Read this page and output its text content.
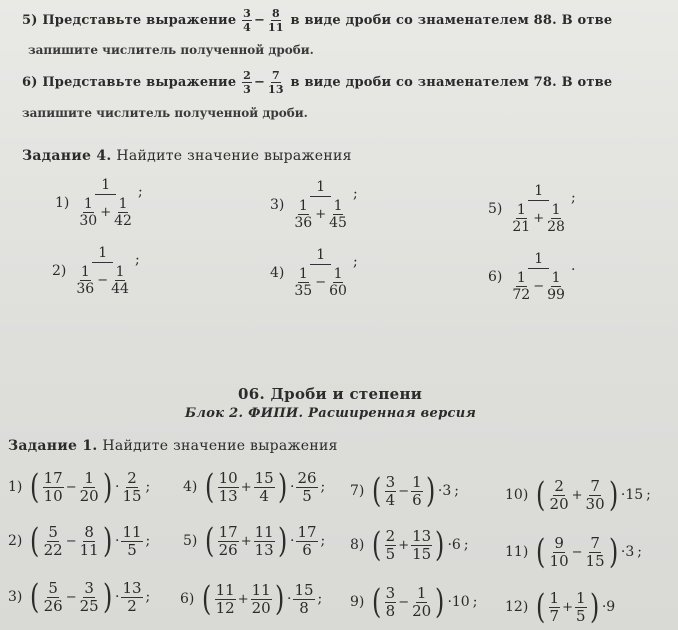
5) Представьте выражение $\frac{3}{4} - \frac{8}{11}$ в виде дроби со знаменателем 88. В отве
запишите числитель полученной дроби.
6) Представьте выражение $\frac{2}{3} - \frac{7}{13}$ в виде дроби со знаменателем 78. В отве
запишите числитель полученной дроби.
Задание 4. Найдите значение выражения
$1) \frac{1}{\frac{1}{30} + \frac{1}{42}}$ ;
$2) \frac{1}{\frac{1}{36} - \frac{1}{44}}$ ;
$3) \frac{1}{\frac{1}{36} + \frac{1}{45}}$ ;
$4) \frac{1}{\frac{1}{35} - \frac{1}{60}}$ ;
$5) \frac{1}{\frac{1}{21} + \frac{1}{28}}$ ;
$6) \frac{1}{\frac{1}{72} - \frac{1}{99}}$ .
06. Дроби и степени
Блок 2. ФИПИ. Расширенная версия
Задание 1. Найдите значение выражения
1) ( $\frac{17}{10} - \frac{1}{20}$ ) · $\frac{2}{15}$ ;
2) ( $\frac{5}{22} - \frac{8}{11}$ ) · $\frac{11}{5}$ ;
3) ( $\frac{5}{26} - \frac{3}{25}$ ) · $\frac{13}{2}$ ;
4) ( $\frac{10}{13} + \frac{15}{4}$ ) · $\frac{26}{5}$ ;
5) ( $\frac{17}{26} + \frac{11}{13}$ ) · $\frac{17}{6}$ ;
6) ( $\frac{11}{12} + \frac{11}{20}$ ) · $\frac{15}{8}$ ;
7) ( $\frac{3}{4} - \frac{1}{6}$ ) ·3 ;
8) ( $\frac{2}{5} + \frac{13}{15}$ ) ·6 ;
9) ( $\frac{3}{8} - \frac{1}{20}$ ) ·10 ;
10) ( $\frac{2}{20} + \frac{7}{30}$ ) ·15 ;
11) ( $\frac{9}{10} - \frac{7}{15}$ ) ·3 ;
12) ( $\frac{1}{7} + \frac{1}{5}$ ) ·9
